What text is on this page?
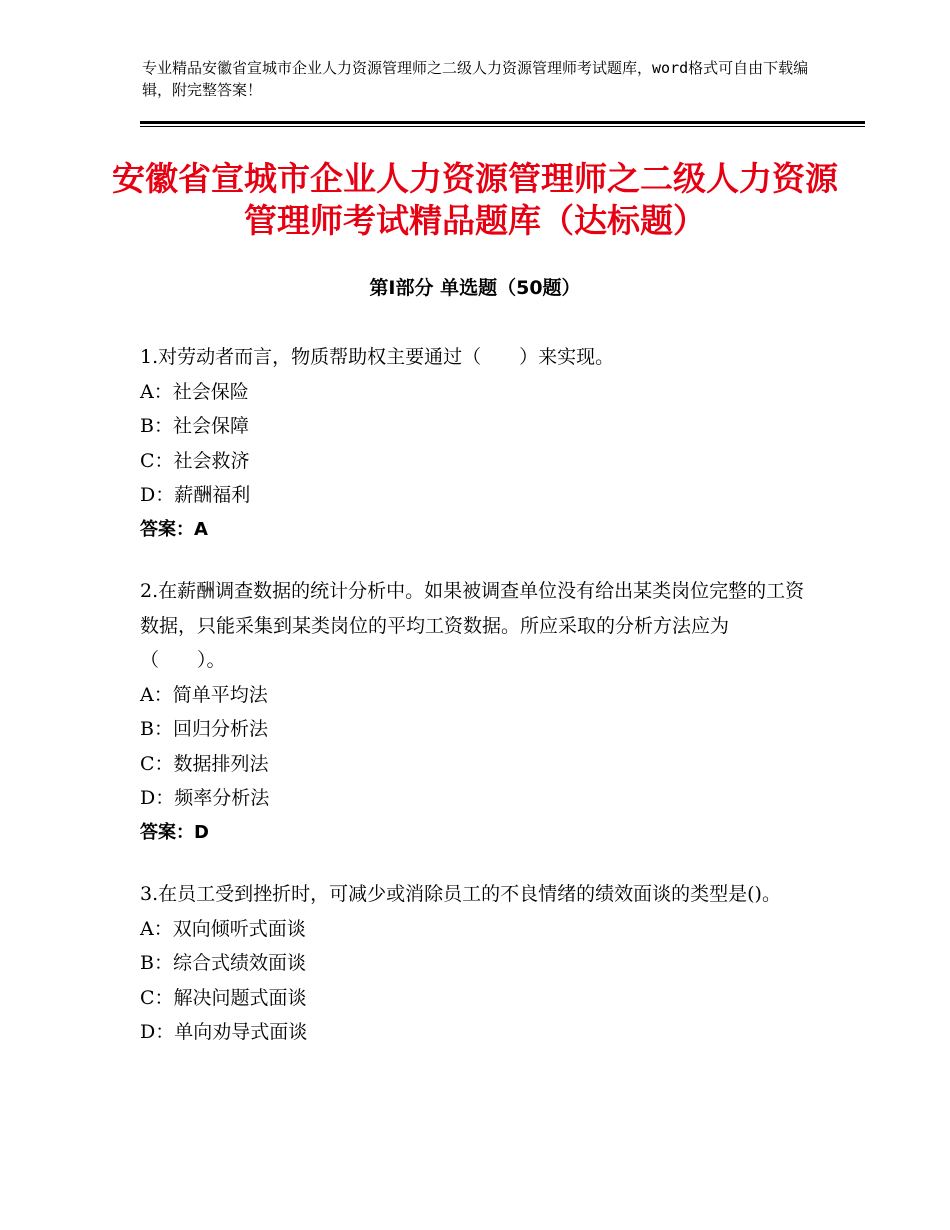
专业精品安徽省宣城市企业人力资源管理师之二级人力资源管理师考试题库，word格式可自由下载编辑，附完整答案！
安徽省宣城市企业人力资源管理师之二级人力资源管理师考试精品题库（达标题）
第Ⅰ部分 单选题（50题）

1.对劳动者而言，物质帮助权主要通过（　　）来实现。

A：社会保险

B：社会保障

C：社会救济

D：薪酬福利

答案：A

2.在薪酬调查数据的统计分析中。如果被调查单位没有给出某类岗位完整的工资数据，只能采集到某类岗位的平均工资数据。所应采取的分析方法应为（　　）。

A：简单平均法

B：回归分析法

C：数据排列法

D：频率分析法

答案：D

3.在员工受到挫折时，可减少或消除员工的不良情绪的绩效面谈的类型是()。

A：双向倾听式面谈

B：综合式绩效面谈

C：解决问题式面谈

D：单向劝导式面谈
